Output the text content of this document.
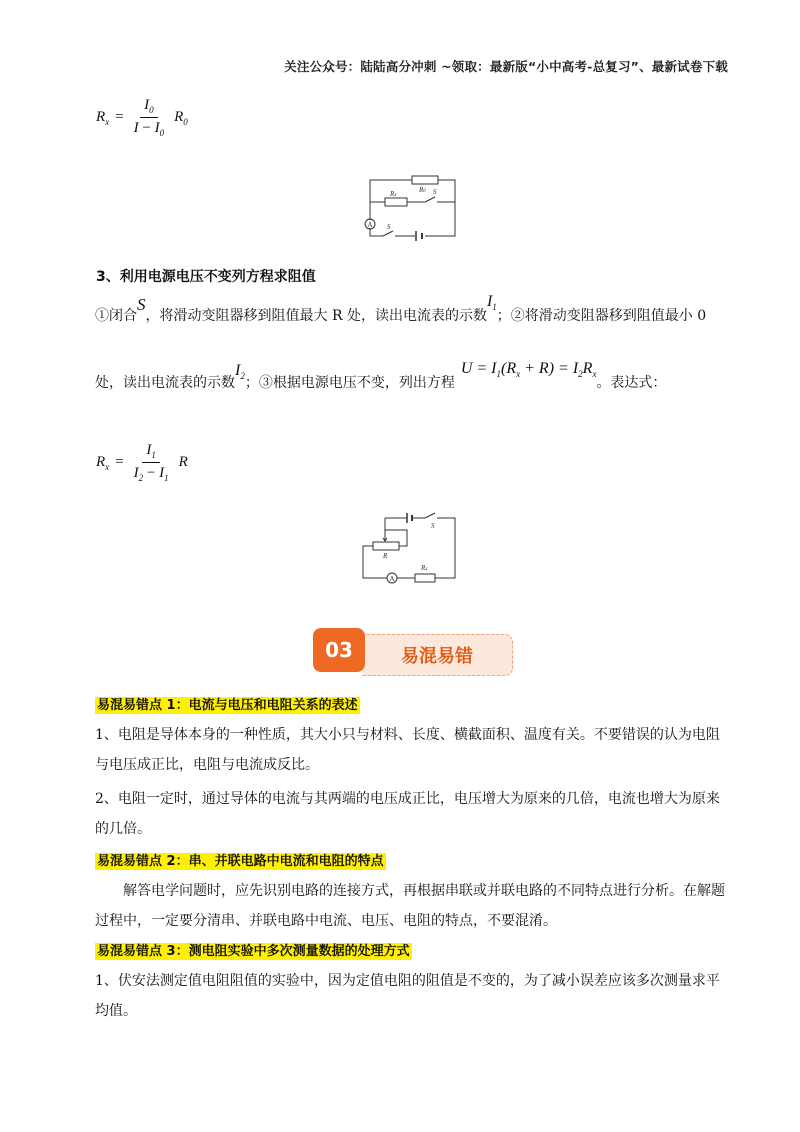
关注公众号：陆陆高分冲刺 ~领取：最新版“小中高考-总复习”、最新试卷下载
$R_x = \frac{I_0}{I - I_0} R_0$
R0
Rx	S
S
A
3、利用电源电压不变列方程求阻值
①闭合S，将滑动变阻器移到阻值最大 R 处，读出电流表的示数$I_1$；②将滑动变阻器移到阻值最小 0
处，读出电流表的示数$I_2$；③根据电源电压不变，列出方程$U = I_1(R_x + R) = I_2R_x$。表达式：
$R_x = \frac{I_1}{I_2 - I_1}$ R
R
Rx
S
A
易混易错
03
易混易错点 1：电流与电压和电阻关系的表述
1、电阻是导体本身的一种性质，其大小只与材料、长度、横截面积、温度有关。不要错误的认为电阻与电压成正比，电阻与电流成反比。
2、电阻一定时，通过导体的电流与其两端的电压成正比，电压增大为原来的几倍，电流也增大为原来的几倍。
易混易错点 2：串、并联电路中电流和电阻的特点
解答电学问题时，应先识别电路的连接方式，再根据串联或并联电路的不同特点进行分析。在解题过程中，一定要分清串、并联电路中电流、电压、电阻的特点，不要混淆。
易混易错点 3：测电阻实验中多次测量数据的处理方式
1、伏安法测定值电阻阻值的实验中，因为定值电阻的阻值是不变的，为了减小误差应该多次测量求平均值。
